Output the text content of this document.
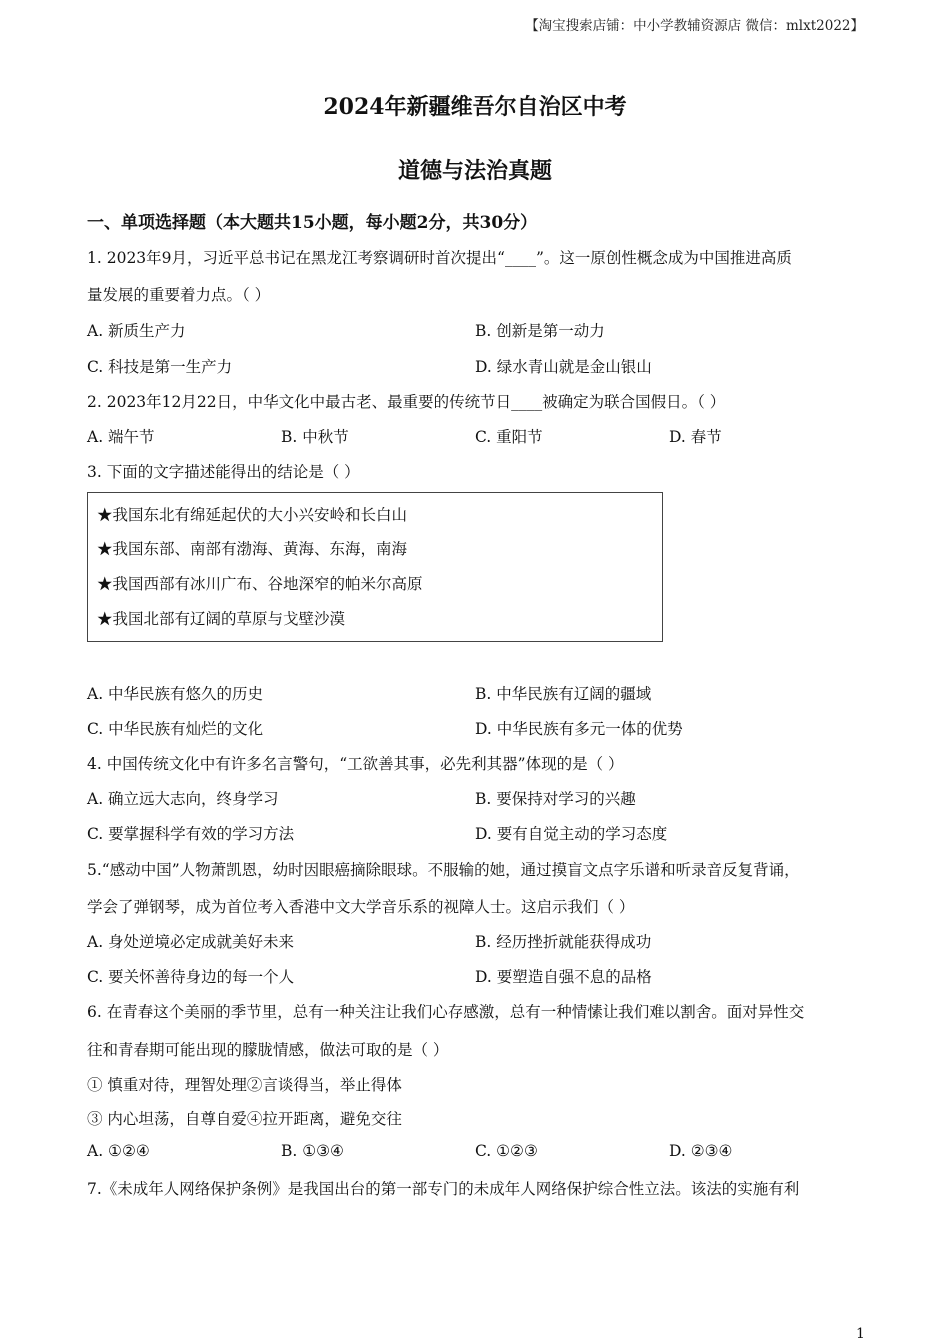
【淘宝搜索店铺：中小学教辅资源店 微信：mlxt2022】
2024年新疆维吾尔自治区中考
道德与法治真题
一、单项选择题（本大题共15小题，每小题2分，共30分）
1. 2023年9月，习近平总书记在黑龙江考察调研时首次提出“____”。这一原创性概念成为中国推进高质
量发展的重要着力点。（ ）
A. 新质生产力	B. 创新是第一动力
C. 科技是第一生产力	D. 绿水青山就是金山银山
2. 2023年12月22日，中华文化中最古老、最重要的传统节日____被确定为联合国假日。（ ）
A. 端午节	B. 中秋节	C. 重阳节	D. 春节
3. 下面的文字描述能得出的结论是（ ）
★我国东北有绵延起伏的大小兴安岭和长白山
★我国东部、南部有渤海、黄海、东海，南海
★我国西部有冰川广布、谷地深窄的帕米尔高原
★我国北部有辽阔的草原与戈壁沙漠
A. 中华民族有悠久的历史	B. 中华民族有辽阔的疆域
C. 中华民族有灿烂的文化	D. 中华民族有多元一体的优势
4. 中国传统文化中有许多名言警句，“工欲善其事，必先利其器”体现的是（ ）
A. 确立远大志向，终身学习	B. 要保持对学习的兴趣
C. 要掌握科学有效的学习方法	D. 要有自觉主动的学习态度
5.“感动中国”人物萧凯恩，幼时因眼癌摘除眼球。不服输的她，通过摸盲文点字乐谱和听录音反复背诵，
学会了弹钢琴，成为首位考入香港中文大学音乐系的视障人士。这启示我们（ ）
A. 身处逆境必定成就美好未来	B. 经历挫折就能获得成功
C. 要关怀善待身边的每一个人	D. 要塑造自强不息的品格
6. 在青春这个美丽的季节里，总有一种关注让我们心存感激，总有一种情愫让我们难以割舍。面对异性交
往和青春期可能出现的朦胧情感，做法可取的是（ ）
① 慎重对待，理智处理②言谈得当，举止得体
③ 内心坦荡，自尊自爱④拉开距离，避免交往
A. ①②④	B. ①③④	C. ①②③	D. ②③④
7.《未成年人网络保护条例》是我国出台的第一部专门的未成年人网络保护综合性立法。该法的实施有利
1
